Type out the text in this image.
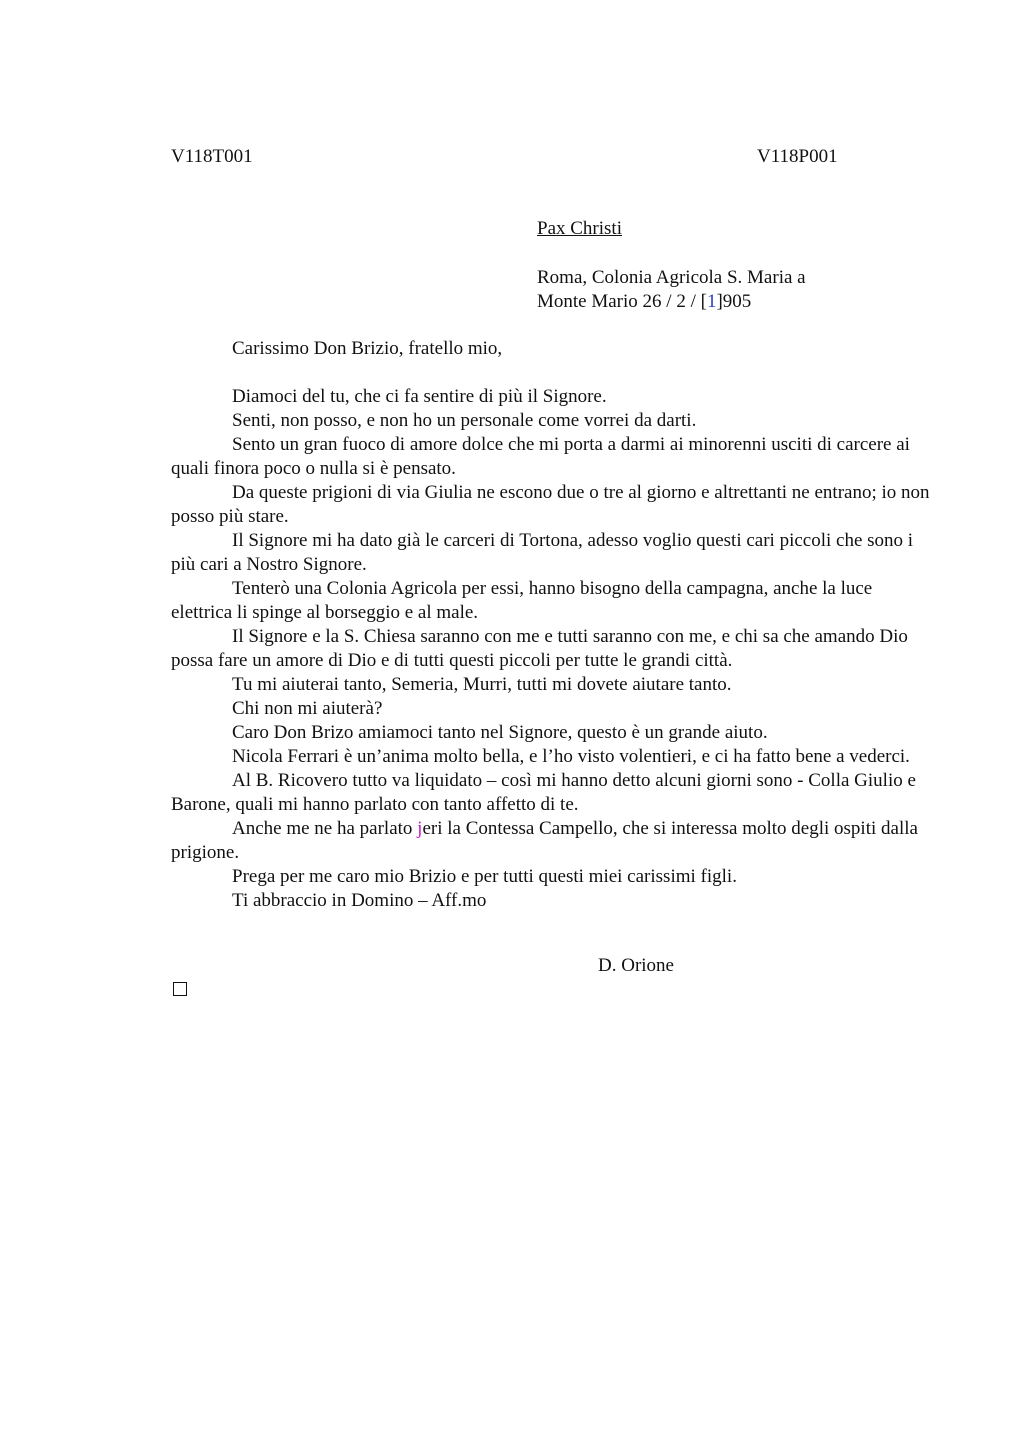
V118T001	V118P001
Pax Christi
Roma, Colonia Agricola S. Maria a
Monte Mario 26 / 2 / [1]905
Carissimo Don Brizio, fratello mio,

Diamoci del tu, che ci fa sentire di più il Signore.

Senti, non posso, e non ho un personale come vorrei da darti.

Sento un gran fuoco di amore dolce che mi porta a darmi ai minorenni usciti di carcere ai quali finora poco o nulla si è pensato.

Da queste prigioni di via Giulia ne escono due o tre al giorno e altrettanti ne entrano; io non posso più stare.

Il Signore mi ha dato già le carceri di Tortona, adesso voglio questi cari piccoli che sono i più cari a Nostro Signore.

Tenterò una Colonia Agricola per essi, hanno bisogno della campagna, anche la luce elettrica li spinge al borseggio e al male.

Il Signore e la S. Chiesa saranno con me e tutti saranno con me, e chi sa che amando Dio possa fare un amore di Dio e di tutti questi piccoli per tutte le grandi città.

Tu mi aiuterai tanto, Semeria, Murri, tutti mi dovete aiutare tanto.

Chi non mi aiuterà?

Caro Don Brizo amiamoci tanto nel Signore, questo è un grande aiuto.

Nicola Ferrari è un’anima molto bella, e l’ho visto volentieri, e ci ha fatto bene a vederci.

Al B. Ricovero tutto va liquidato – così mi hanno detto alcuni giorni sono - Colla Giulio e Barone, quali mi hanno parlato con tanto affetto di te.

Anche me ne ha parlato jeri la Contessa Campello, che si interessa molto degli ospiti dalla prigione.

Prega per me caro mio Brizio e per tutti questi miei carissimi figli.

Ti abbraccio in Domino – Aff.mo

D. Orione
